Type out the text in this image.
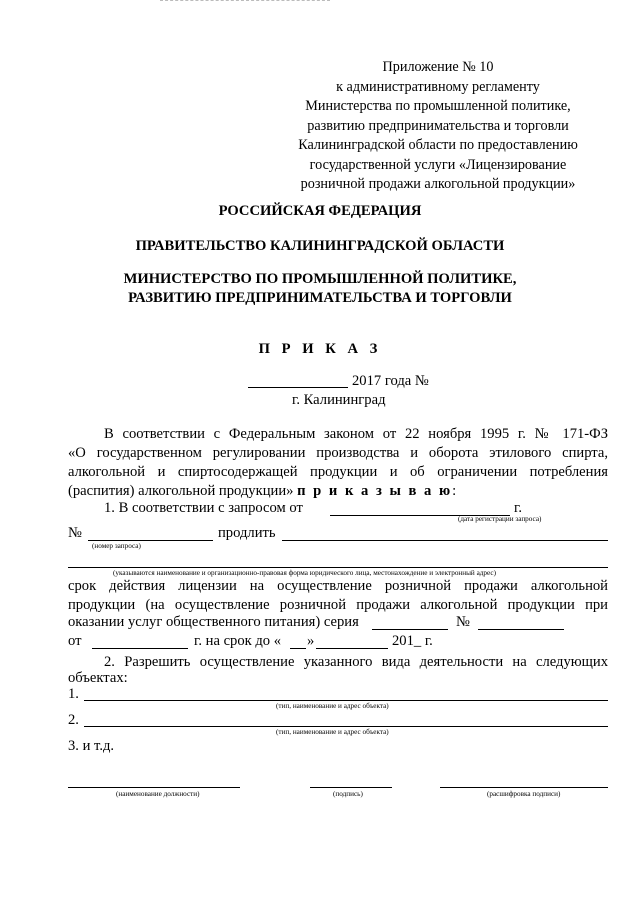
Приложение № 10
к административному регламенту
Министерства по промышленной политике,
развитию предпринимательства и торговли
Калининградской области по предоставлению
государственной услуги «Лицензирование
розничной продажи алкогольной продукции»
РОССИЙСКАЯ ФЕДЕРАЦИЯ
ПРАВИТЕЛЬСТВО КАЛИНИНГРАДСКОЙ ОБЛАСТИ
МИНИСТЕРСТВО ПО ПРОМЫШЛЕННОЙ ПОЛИТИКЕ,
РАЗВИТИЮ ПРЕДПРИНИМАТЕЛЬСТВА И ТОРГОВЛИ
П Р И К А З
2017 года №
г. Калининград
В соответствии с Федеральным законом от 22 ноября 1995 г. № 171-ФЗ
«О государственном регулировании производства и оборота этилового спирта,
алкогольной и спиртосодержащей продукции и об ограничении потребления
(распития) алкогольной продукции» п р и к а з ы в а ю:
1. В соответствии с запросом от	г.
(дата регистрации запроса)
№	продлить
(номер запроса)
(указываются наименование и организационно-правовая форма юридического лица, местонахождение и электронный адрес)
срок действия лицензии на осуществление розничной продажи алкогольной
продукции (на осуществление розничной продажи алкогольной продукции при
оказании услуг общественного питания) серия	№
от	г. на срок до « »	201_ г.
2. Разрешить осуществление указанного вида деятельности на следующих
объектах:
1.
(тип, наименование и адрес объекта)
2.
(тип, наименование и адрес объекта)
3. и т.д.
(наименование должности)	(подпись)	(расшифровка подписи)
